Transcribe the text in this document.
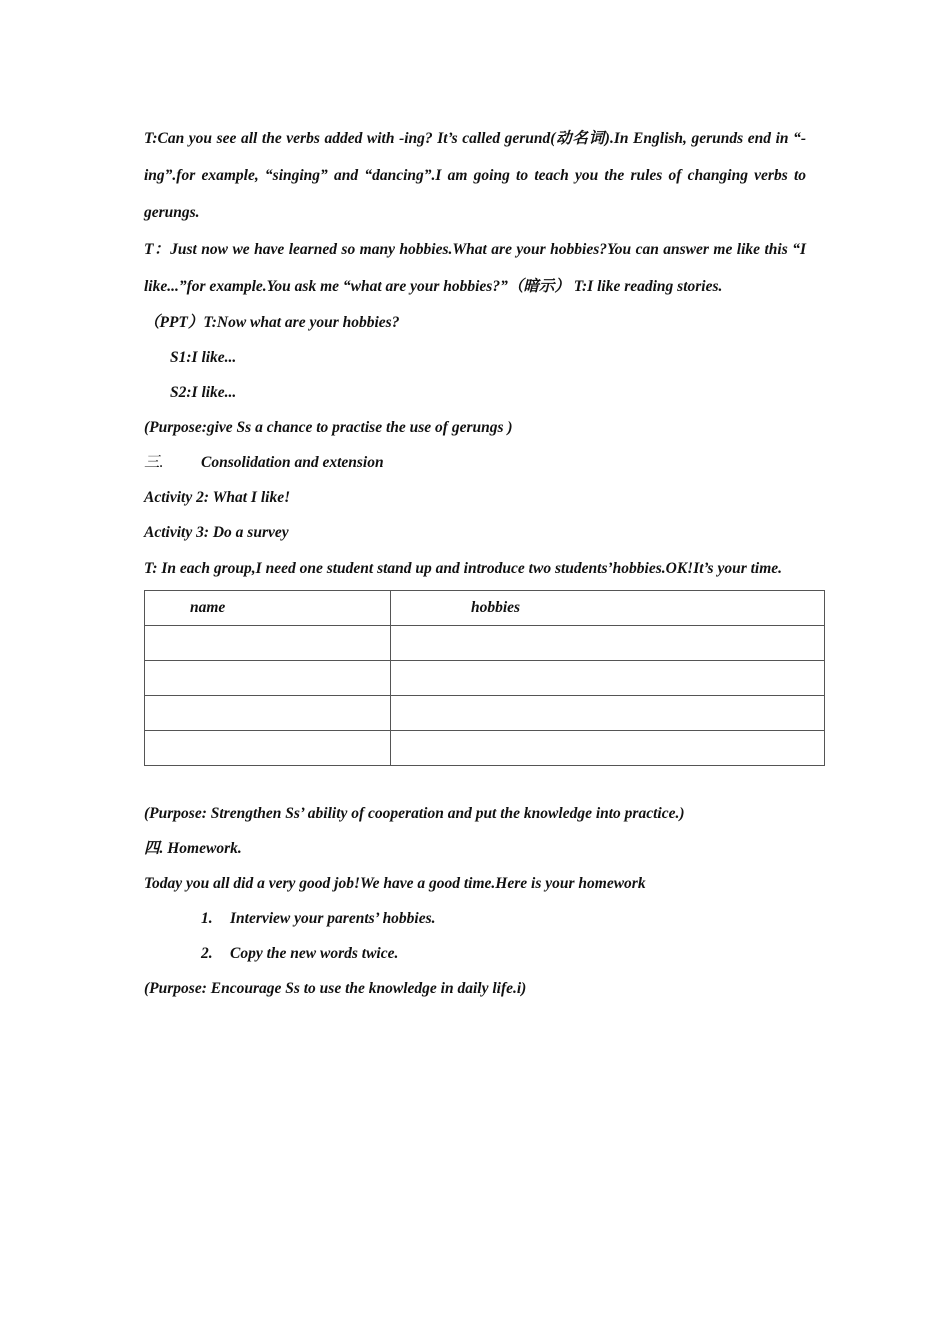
T:Can you see all the verbs added with -ing? It’s called gerund(动名词).In English, gerunds end in “-ing”.for example, “singing” and “dancing”.I am going to teach you the rules of changing verbs to gerungs.

T：Just now we have learned so many hobbies.What are your hobbies?You can answer me like this “I like...”for example.You ask me “what are your hobbies?”（暗示） T:I like reading stories.

（PPT）T:Now what are your hobbies?

S1:I like...

S2:I like...

(Purpose:give Ss a chance to practise the use of gerungs )

三. Consolidation and extension

Activity 2: What I like!

Activity 3: Do a survey

T: In each group,I need one student stand up and introduce two students’hobbies.OK!It’s your time.

name	hobbies

(Purpose: Strengthen Ss’ ability of cooperation and put the knowledge into practice.)

四. Homework.

Today you all did a very good job!We have a good time.Here is your homework

1. Interview your parents’ hobbies.
2. Copy the new words twice.

(Purpose: Encourage Ss to use the knowledge in daily life.i)
